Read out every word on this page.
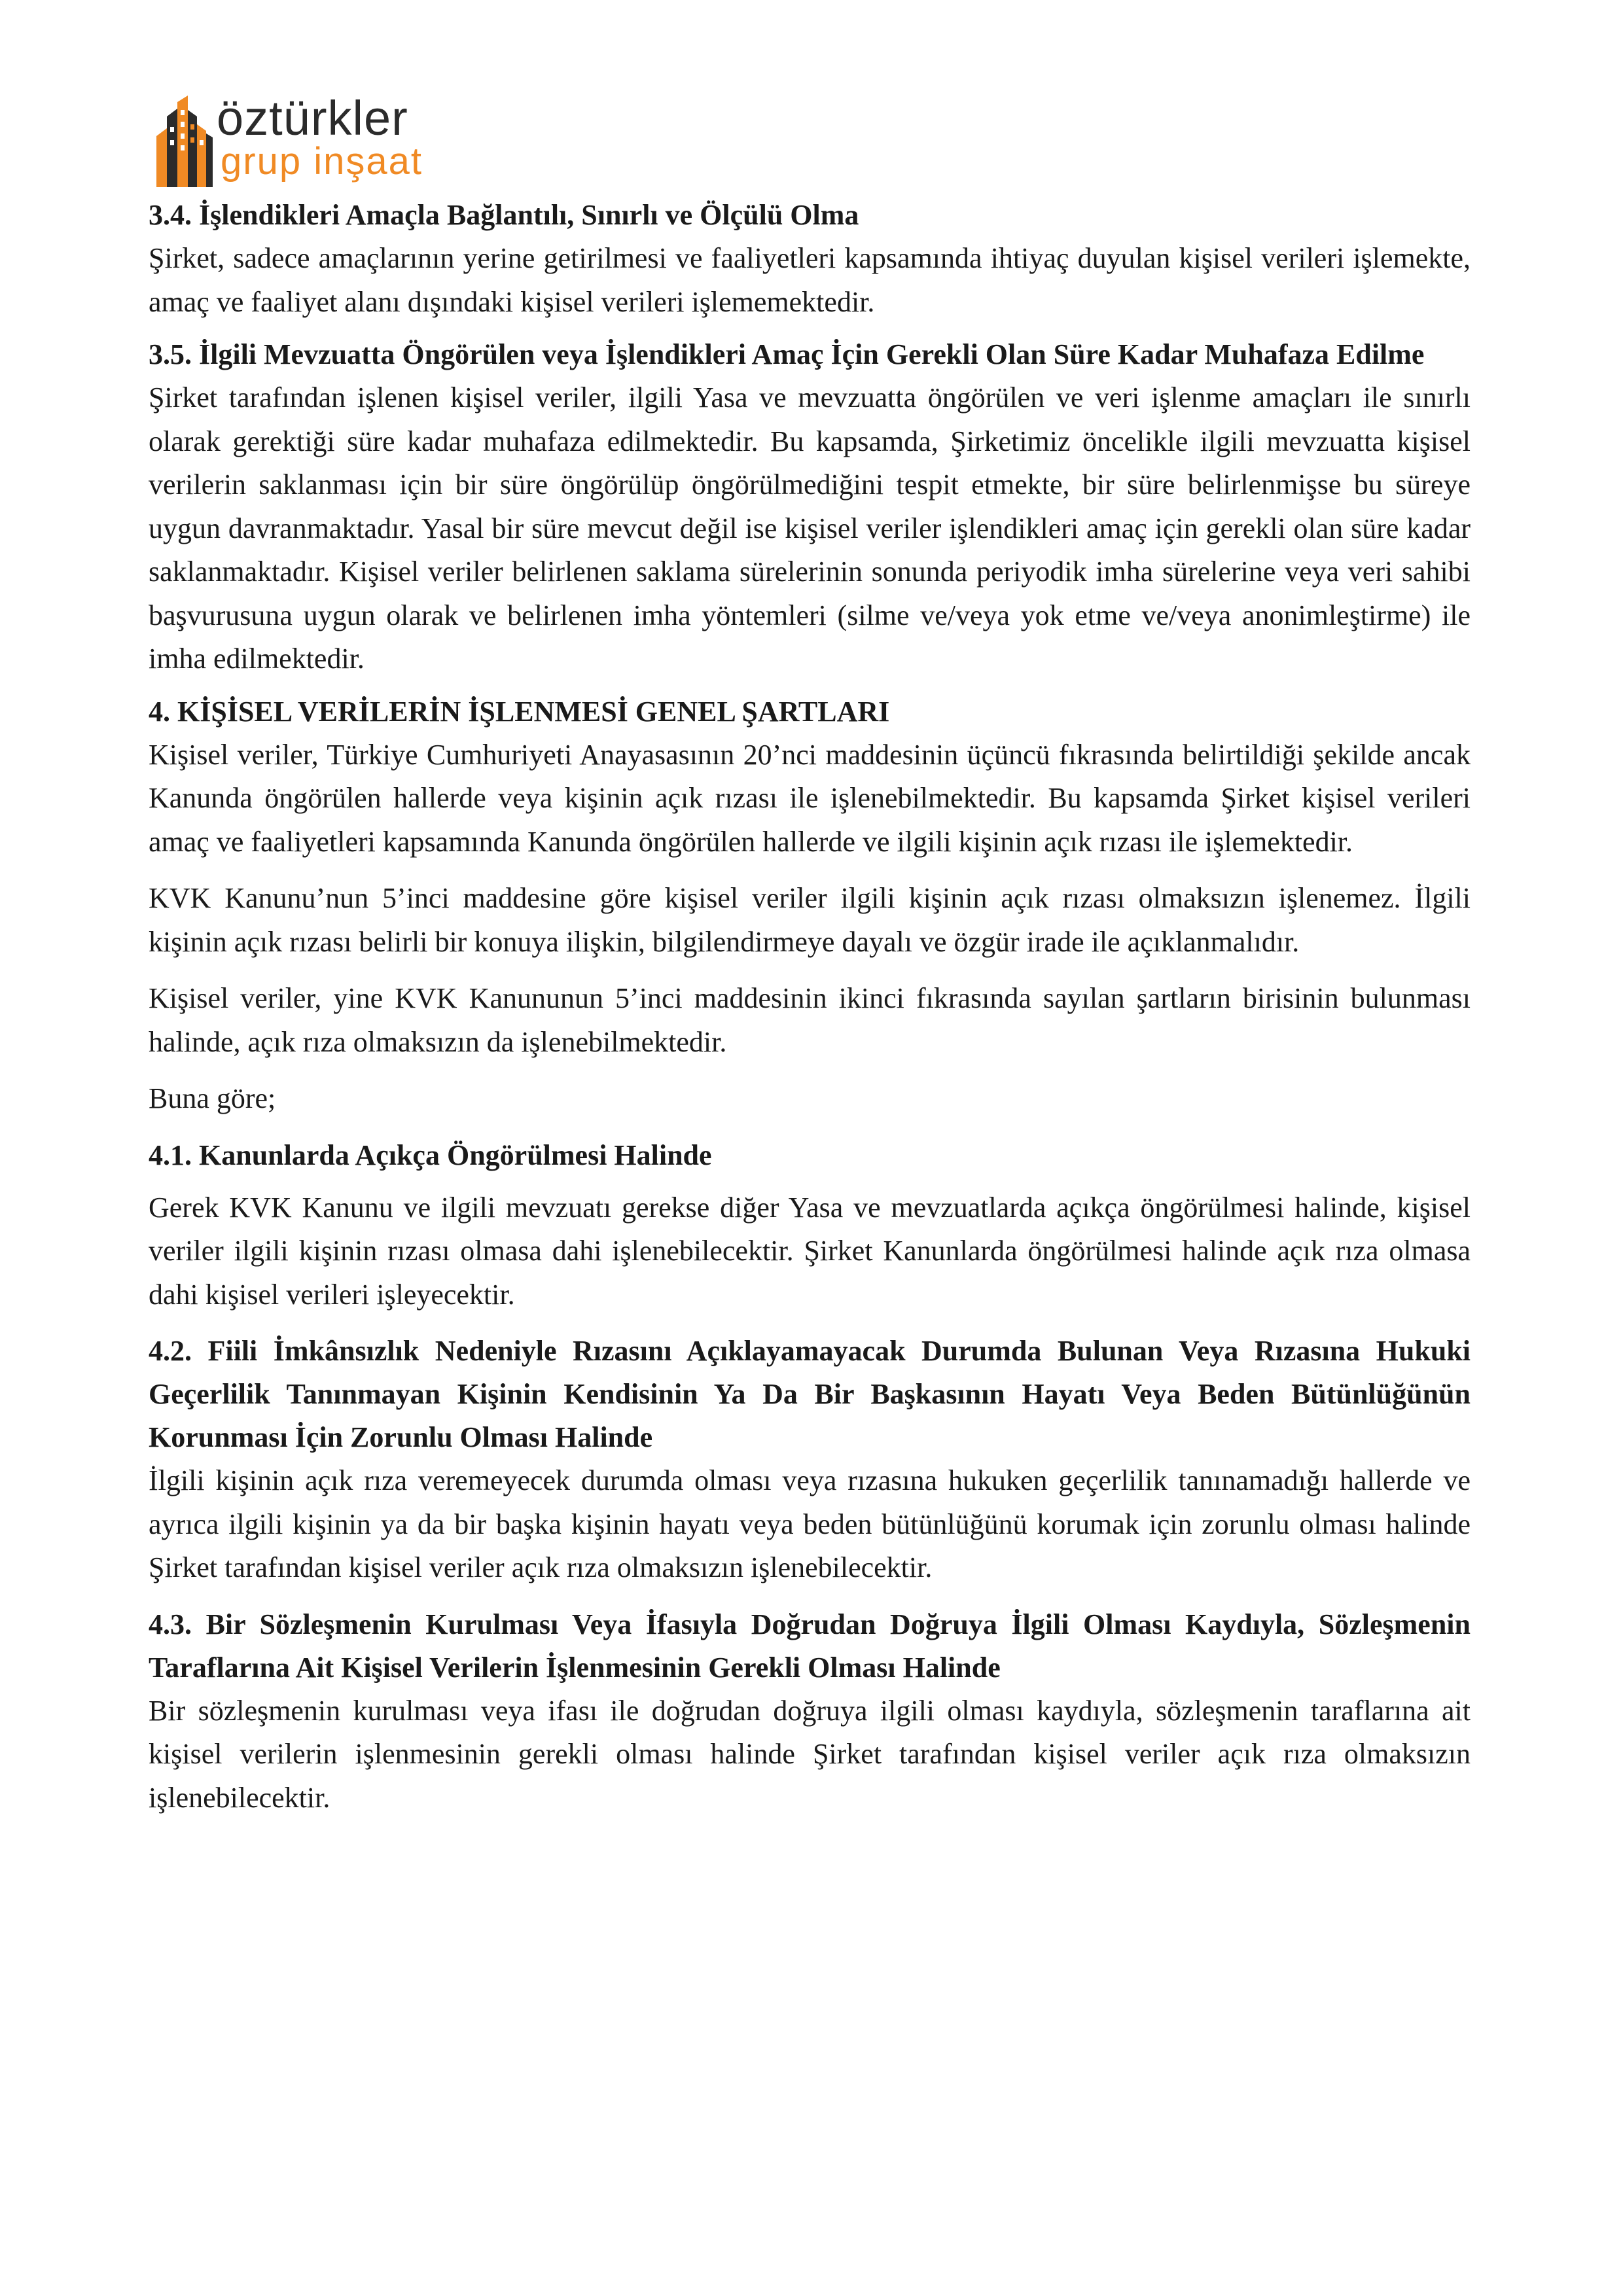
öztürkler
grup inşaat

3.4. İşlendikleri Amaçla Bağlantılı, Sınırlı ve Ölçülü Olma

Şirket, sadece amaçlarının yerine getirilmesi ve faaliyetleri kapsamında ihtiyaç duyulan kişisel verileri işlemekte, amaç ve faaliyet alanı dışındaki kişisel verileri işlememektedir.

3.5. İlgili Mevzuatta Öngörülen veya İşlendikleri Amaç İçin Gerekli Olan Süre Kadar Muhafaza Edilme

Şirket tarafından işlenen kişisel veriler, ilgili Yasa ve mevzuatta öngörülen ve veri işlenme amaçları ile sınırlı olarak gerektiği süre kadar muhafaza edilmektedir. Bu kapsamda, Şirketimiz öncelikle ilgili mevzuatta kişisel verilerin saklanması için bir süre öngörülüp öngörülmediğini tespit etmekte, bir süre belirlenmişse bu süreye uygun davranmaktadır. Yasal bir süre mevcut değil ise kişisel veriler işlendikleri amaç için gerekli olan süre kadar saklanmaktadır. Kişisel veriler belirlenen saklama sürelerinin sonunda periyodik imha sürelerine veya veri sahibi başvurusuna uygun olarak ve belirlenen imha yöntemleri (silme ve/veya yok etme ve/veya anonimleştirme) ile imha edilmektedir.

4. KİŞİSEL VERİLERİN İŞLENMESİ GENEL ŞARTLARI

Kişisel veriler, Türkiye Cumhuriyeti Anayasasının 20’nci maddesinin üçüncü fıkrasında belirtildiği şekilde ancak Kanunda öngörülen hallerde veya kişinin açık rızası ile işlenebilmektedir. Bu kapsamda Şirket kişisel verileri amaç ve faaliyetleri kapsamında Kanunda öngörülen hallerde ve ilgili kişinin açık rızası ile işlemektedir.

KVK Kanunu’nun 5’inci maddesine göre kişisel veriler ilgili kişinin açık rızası olmaksızın işlenemez. İlgili kişinin açık rızası belirli bir konuya ilişkin, bilgilendirmeye dayalı ve özgür irade ile açıklanmalıdır.

Kişisel veriler, yine KVK Kanununun 5’inci maddesinin ikinci fıkrasında sayılan şartların birisinin bulunması halinde, açık rıza olmaksızın da işlenebilmektedir.

Buna göre;

4.1. Kanunlarda Açıkça Öngörülmesi Halinde

Gerek KVK Kanunu ve ilgili mevzuatı gerekse diğer Yasa ve mevzuatlarda açıkça öngörülmesi halinde, kişisel veriler ilgili kişinin rızası olmasa dahi işlenebilecektir. Şirket Kanunlarda öngörülmesi halinde açık rıza olmasa dahi kişisel verileri işleyecektir.

4.2. Fiili İmkânsızlık Nedeniyle Rızasını Açıklayamayacak Durumda Bulunan Veya Rızasına Hukuki Geçerlilik Tanınmayan Kişinin Kendisinin Ya Da Bir Başkasının Hayatı Veya Beden Bütünlüğünün Korunması İçin Zorunlu Olması Halinde

İlgili kişinin açık rıza veremeyecek durumda olması veya rızasına hukuken geçerlilik tanınamadığı hallerde ve ayrıca ilgili kişinin ya da bir başka kişinin hayatı veya beden bütünlüğünü korumak için zorunlu olması halinde Şirket tarafından kişisel veriler açık rıza olmaksızın işlenebilecektir.

4.3. Bir Sözleşmenin Kurulması Veya İfasıyla Doğrudan Doğruya İlgili Olması Kaydıyla, Sözleşmenin Taraflarına Ait Kişisel Verilerin İşlenmesinin Gerekli Olması Halinde

Bir sözleşmenin kurulması veya ifası ile doğrudan doğruya ilgili olması kaydıyla, sözleşmenin taraflarına ait kişisel verilerin işlenmesinin gerekli olması halinde Şirket tarafından kişisel veriler açık rıza olmaksızın işlenebilecektir.
